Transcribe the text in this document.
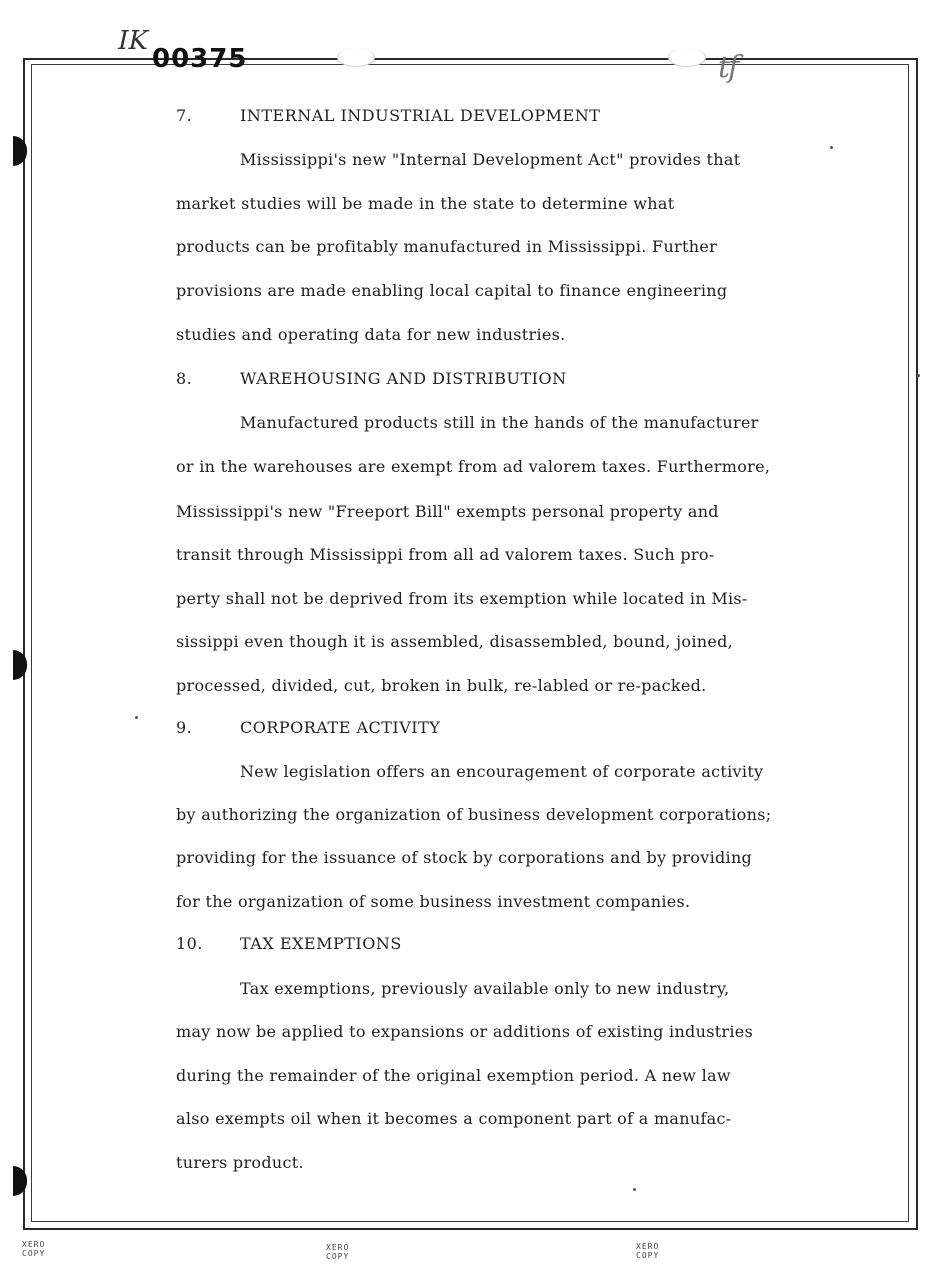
IK
00375	tf
7.	INTERNAL INDUSTRIAL DEVELOPMENT
Mississippi's new "Internal Development Act" provides that
market studies will be made in the state to determine what
products can be profitably manufactured in Mississippi. Further
provisions are made enabling local capital to finance engineering
studies and operating data for new industries.
8.	WAREHOUSING AND DISTRIBUTION
Manufactured products still in the hands of the manufacturer
or in the warehouses are exempt from ad valorem taxes. Furthermore,
Mississippi's new "Freeport Bill" exempts personal property and
transit through Mississippi from all ad valorem taxes. Such pro-
perty shall not be deprived from its exemption while located in Mis-
sissippi even though it is assembled, disassembled, bound, joined,
processed, divided, cut, broken in bulk, re-labled or re-packed.
9.	CORPORATE ACTIVITY
New legislation offers an encouragement of corporate activity
by authorizing the organization of business development corporations;
providing for the issuance of stock by corporations and by providing
for the organization of some business investment companies.
10. TAX EXEMPTIONS
Tax exemptions, previously available only to new industry,
may now be applied to expansions or additions of existing industries
during the remainder of the original exemption period. A new law
also exempts oil when it becomes a component part of a manufac-
turers product.
XERO
COPY
XERO
COPY
XERO
COPY
